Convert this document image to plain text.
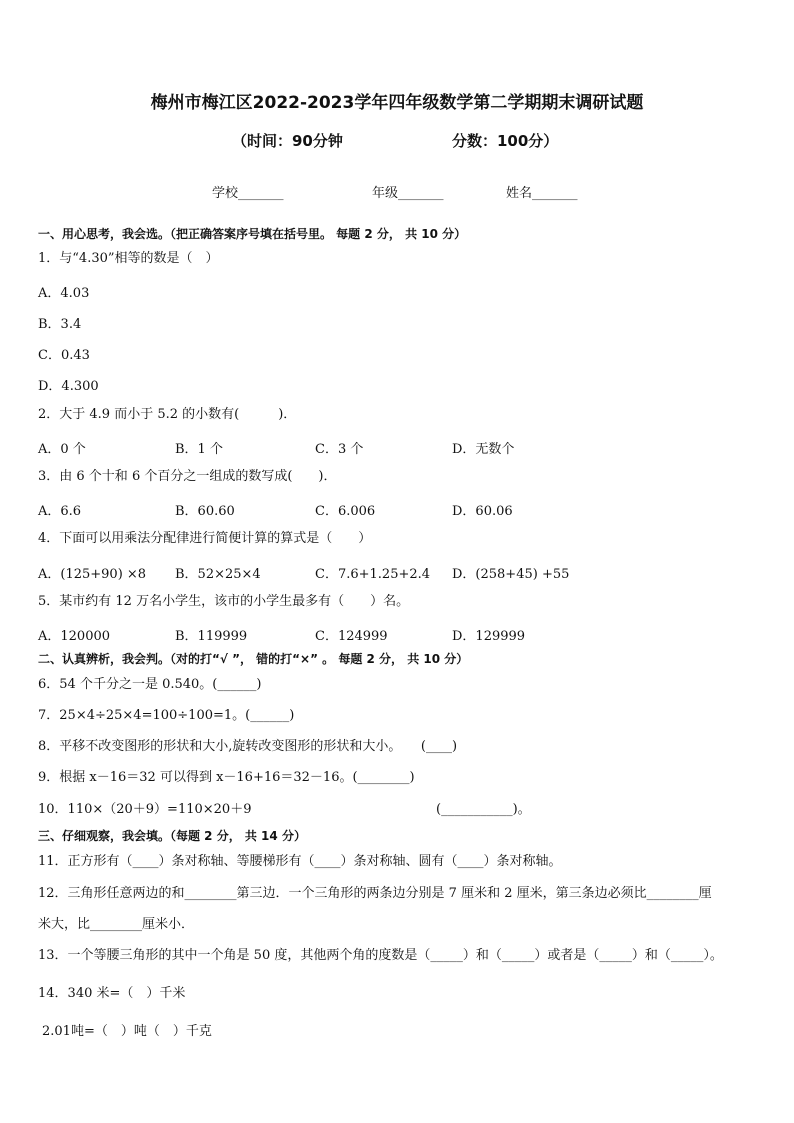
梅州市梅江区2022-2023学年四年级数学第二学期期末调研试题
（时间：90分钟	分数：100分）
学校_______	年级_______	姓名_______
一、用心思考，我会选。（把正确答案序号填在括号里。 每题 2 分， 共 10 分）
1．与“4.30”相等的数是（　）
A．4.03
B．3.4
C．0.43
D．4.300
2．大于 4.9 而小于 5.2 的小数有(　　　)．
A．0 个	B．1 个	C．3 个	D．无数个
3．由 6 个十和 6 个百分之一组成的数写成(　　)．
A．6.6	B．60.60	C．6.006	D．60.06
4．下面可以用乘法分配律进行简便计算的算式是（　　）
A．(125+90) ×8 B．52×25×4	C．7.6+1.25+2.4 D．(258+45) +55
5．某市约有 12 万名小学生，该市的小学生最多有（　　）名。
A．120000	B．119999	C．124999	D．129999
二、认真辨析，我会判。（对的打“√ ”， 错的打“×” 。 每题 2 分， 共 10 分）
6．54 个千分之一是 0.540。(______)
7．25×4÷25×4=100÷100=1。(______)
8．平移不改变图形的形状和大小,旋转改变图形的形状和大小。　　(____)
9．根据 x－16＝32 可以得到 x－16+16＝32－16。(________)
10．110×（20＋9）=110×20＋9	(___________)。
三、仔细观察，我会填。（每题 2 分， 共 14 分）
11．正方形有（____）条对称轴、等腰梯形有（____）条对称轴、圆有（____）条对称轴。
12．三角形任意两边的和________第三边．一个三角形的两条边分别是 7 厘米和 2 厘米，第三条边必须比________厘
米大，比________厘米小．
13．一个等腰三角形的其中一个角是 50 度，其他两个角的度数是（_____）和（_____）或者是（_____）和（_____）。
14．340 米=（　）千米
2.01吨=（　）吨（　）千克
